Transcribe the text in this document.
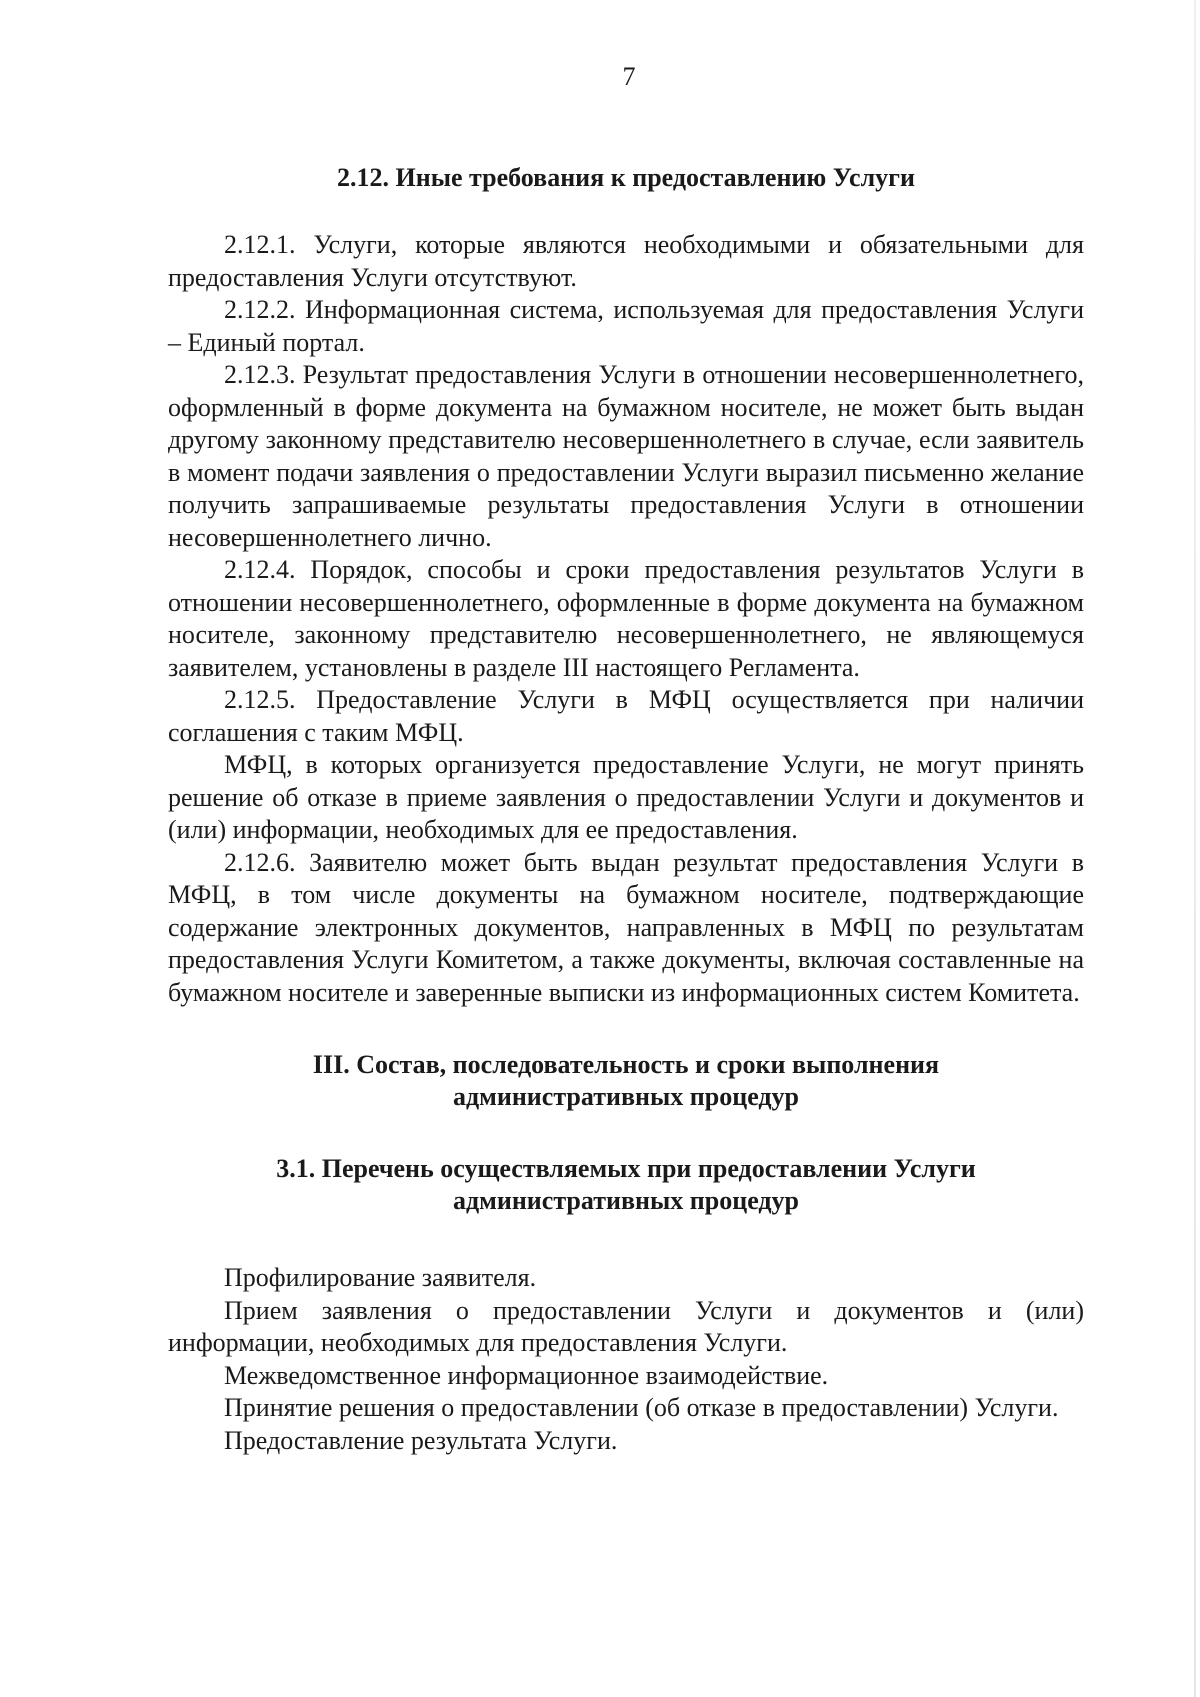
7
2.12. Иные требования к предоставлению Услуги

2.12.1. Услуги, которые являются необходимыми и обязательными для предоставления Услуги отсутствуют.

2.12.2. Информационная система, используемая для предоставления Услуги – Единый портал.

2.12.3. Результат предоставления Услуги в отношении несовершеннолетнего, оформленный в форме документа на бумажном носителе, не может быть выдан другому законному представителю несовершеннолетнего в случае, если заявитель в момент подачи заявления о предоставлении Услуги выразил письменно желание получить запрашиваемые результаты предоставления Услуги в отношении несовершеннолетнего лично.

2.12.4. Порядок, способы и сроки предоставления результатов Услуги в отношении несовершеннолетнего, оформленные в форме документа на бумажном носителе, законному представителю несовершеннолетнего, не являющемуся заявителем, установлены в разделе III настоящего Регламента.

2.12.5. Предоставление Услуги в МФЦ осуществляется при наличии соглашения с таким МФЦ.

МФЦ, в которых организуется предоставление Услуги, не могут принять решение об отказе в приеме заявления о предоставлении Услуги и документов и (или) информации, необходимых для ее предоставления.

2.12.6. Заявителю может быть выдан результат предоставления Услуги в МФЦ, в том числе документы на бумажном носителе, подтверждающие содержание электронных документов, направленных в МФЦ по результатам предоставления Услуги Комитетом, а также документы, включая составленные на бумажном носителе и заверенные выписки из информационных систем Комитета.

III. Состав, последовательность и сроки выполнения
административных процедур
3.1. Перечень осуществляемых при предоставлении Услуги
административных процедур

Профилирование заявителя.

Прием заявления о предоставлении Услуги и документов и (или) информации, необходимых для предоставления Услуги.

Межведомственное информационное взаимодействие.

Принятие решения о предоставлении (об отказе в предоставлении) Услуги.

Предоставление результата Услуги.
